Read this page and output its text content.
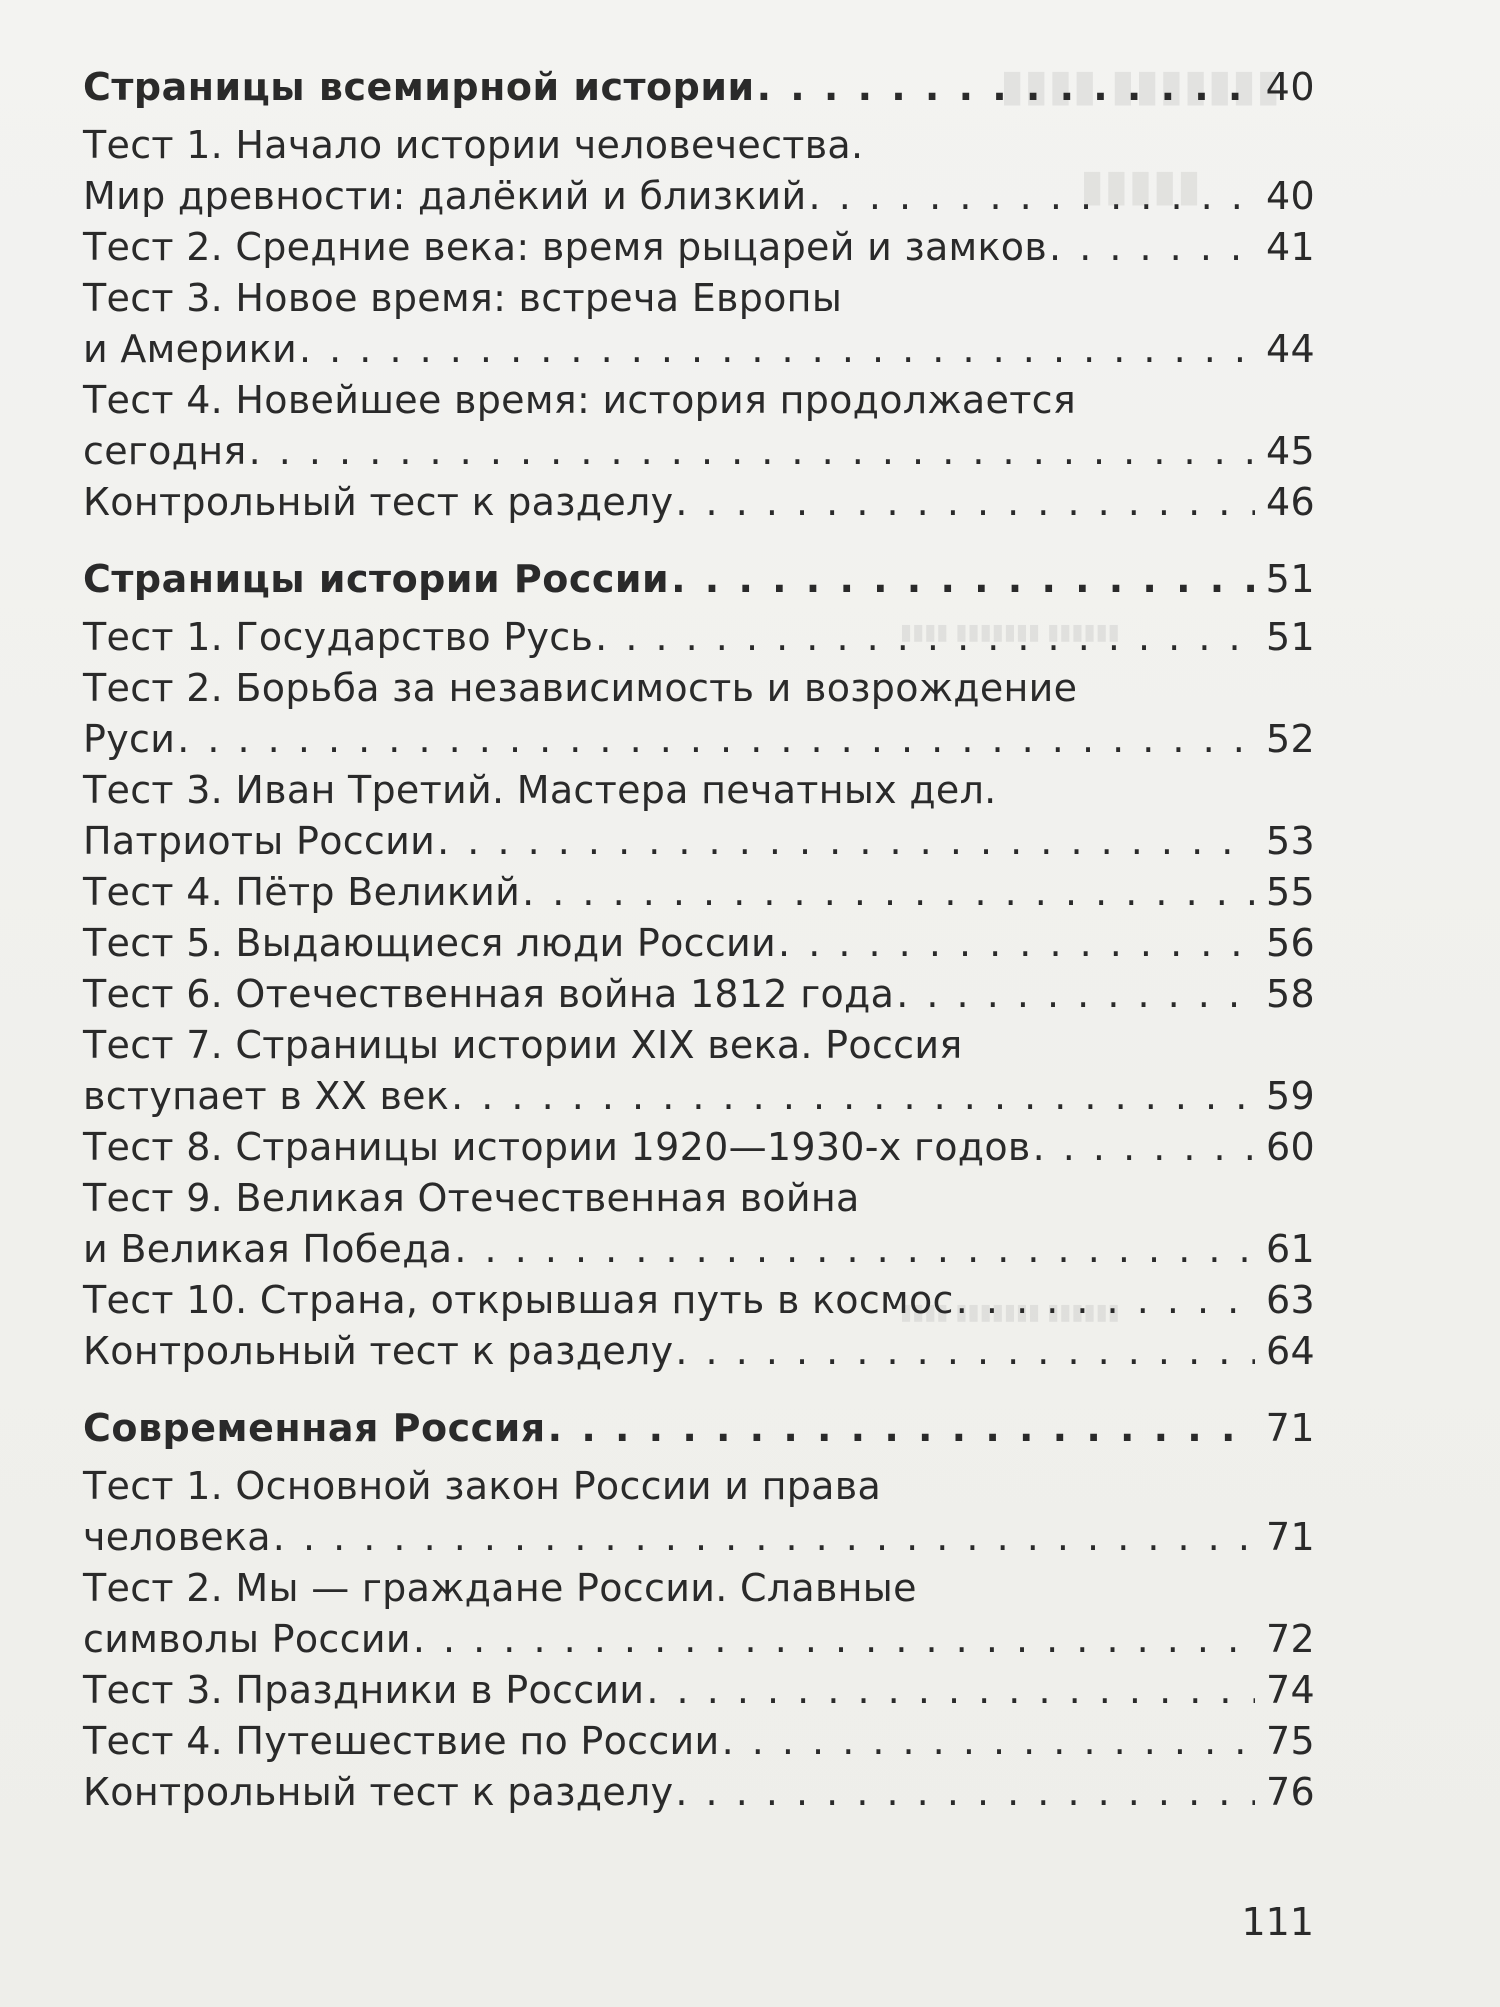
▮▮▮▮▮▮▮ ▮▮▮▮
▮▮▮▮▮
▮▮▮▮▮▮ ▮▮▮▮▮▮▮ ▮▮▮▮
▮▮▮▮▮▮ ▮▮▮▮▮▮▮ ▮▮▮▮
Страницы всемирной истории . . .	40
Тест 1. Начало истории человечества.
Мир древности: далёкий и близкий . . .	40
Тест 2. Средние века: время рыцарей и замков . . .	41
Тест 3. Новое время: встреча Европы
и Америки . . .	44
Тест 4. Новейшее время: история продолжается
сегодня . . .	45
Контрольный тест к разделу . . .	46
Страницы истории России . . .	51
Тест 1. Государство Русь . . .	51
Тест 2. Борьба за независимость и возрождение
Руси . . .	52
Тест 3. Иван Третий. Мастера печатных дел.
Патриоты России . . .	53
Тест 4. Пётр Великий . . .	55
Тест 5. Выдающиеся люди России . . .	56
Тест 6. Отечественная война 1812 года . . .	58
Тест 7. Страницы истории XIX века. Россия
вступает в XX век . . .	59
Тест 8. Страницы истории 1920—1930-х годов . . .	60
Тест 9. Великая Отечественная война
и Великая Победа . . .	61
Тест 10. Страна, открывшая путь в космос . . .	63
Контрольный тест к разделу . . .	64
Современная Россия . . .	71
Тест 1. Основной закон России и права
человека . . .	71
Тест 2. Мы — граждане России. Славные
символы России . . .	72
Тест 3. Праздники в России . . .	74
Тест 4. Путешествие по России . . .	75
Контрольный тест к разделу . . .	76
111
